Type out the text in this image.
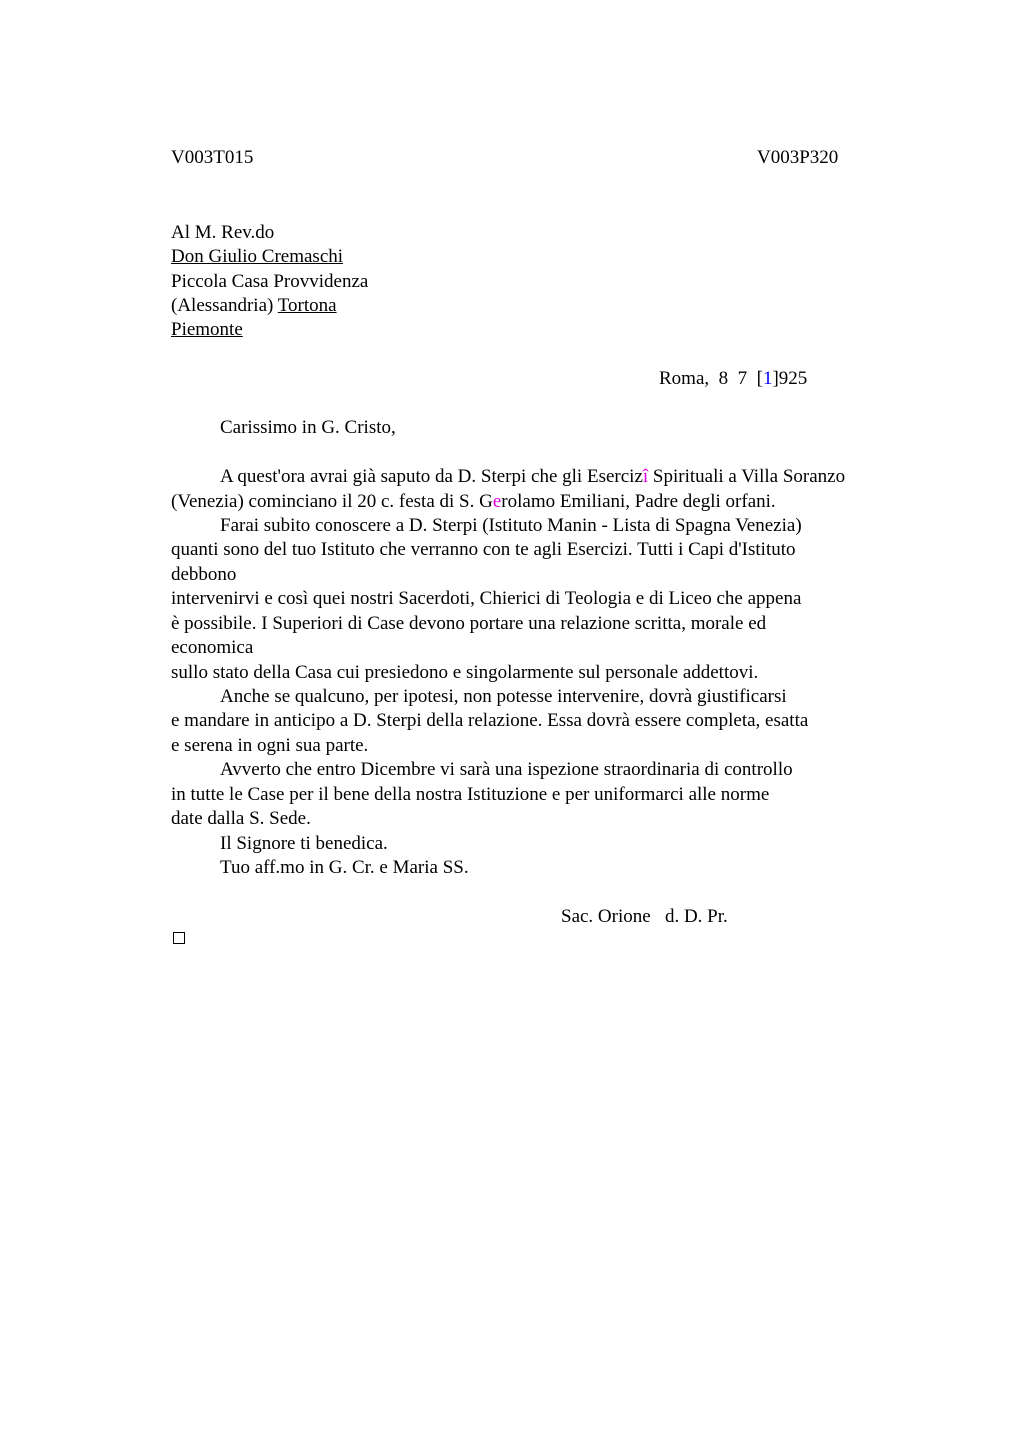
V003T015	V003P320
Al M. Rev.do
Don Giulio Cremaschi
Piccola Casa Provvidenza
(Alessandria) Tortona
Piemonte
Roma,  8  7  [1]925
Carissimo in G. Cristo,
A quest'ora avrai già saputo da D. Sterpi che gli Esercizî Spirituali a Villa Soranzo
(Venezia) cominciano il 20 c. festa di S. Gerolamo Emiliani, Padre degli orfani.
Farai subito conoscere a D. Sterpi (Istituto Manin - Lista di Spagna Venezia)
quanti sono del tuo Istituto che verranno con te agli Esercizi. Tutti i Capi d'Istituto
debbono
intervenirvi e così quei nostri Sacerdoti, Chierici di Teologia e di Liceo che appena
è possibile. I Superiori di Case devono portare una relazione scritta, morale ed
economica
sullo stato della Casa cui presiedono e singolarmente sul personale addettovi.
Anche se qualcuno, per ipotesi, non potesse intervenire, dovrà giustificarsi
e mandare in anticipo a D. Sterpi della relazione. Essa dovrà essere completa, esatta
e serena in ogni sua parte.
Avverto che entro Dicembre vi sarà una ispezione straordinaria di controllo
in tutte le Case per il bene della nostra Istituzione e per uniformarci alle norme
date dalla S. Sede.
Il Signore ti benedica.
Tuo aff.mo in G. Cr. e Maria SS.
Sac. Orione   d. D. Pr.
